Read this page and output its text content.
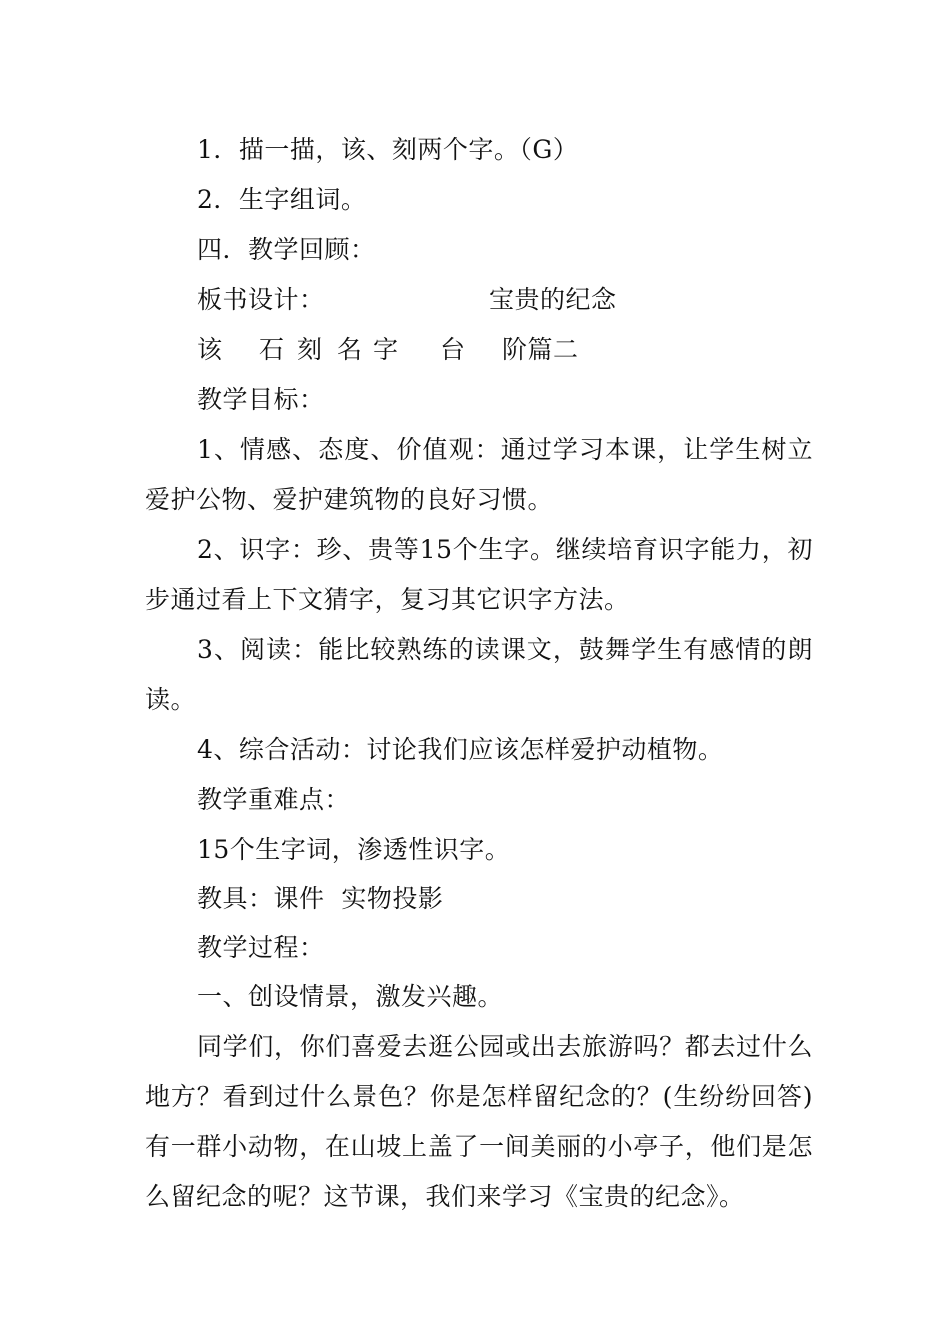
1．描一描，该、刻两个字。（G）
2．生字组词。
四．教学回顾：
板书设计：	宝贵的纪念
该 石 刻 名 字 台 阶篇二
教学目标：
1、情感、态度、价值观：通过学习本课，让学生树立爱护公物、爱护建筑物的良好习惯。
2、识字：珍、贵等15个生字。继续培育识字能力，初步通过看上下文猜字，复习其它识字方法。
3、阅读：能比较熟练的读课文，鼓舞学生有感情的朗读。
4、综合活动：讨论我们应该怎样爱护动植物。
教学重难点：
15个生字词，渗透性识字。
教具：课件  实物投影
教学过程：
一、创设情景，激发兴趣。
同学们，你们喜爱去逛公园或出去旅游吗？都去过什么地方？看到过什么景色？你是怎样留纪念的？(生纷纷回答)有一群小动物，在山坡上盖了一间美丽的小亭子，他们是怎么留纪念的呢？这节课，我们来学习《宝贵的纪念》。
